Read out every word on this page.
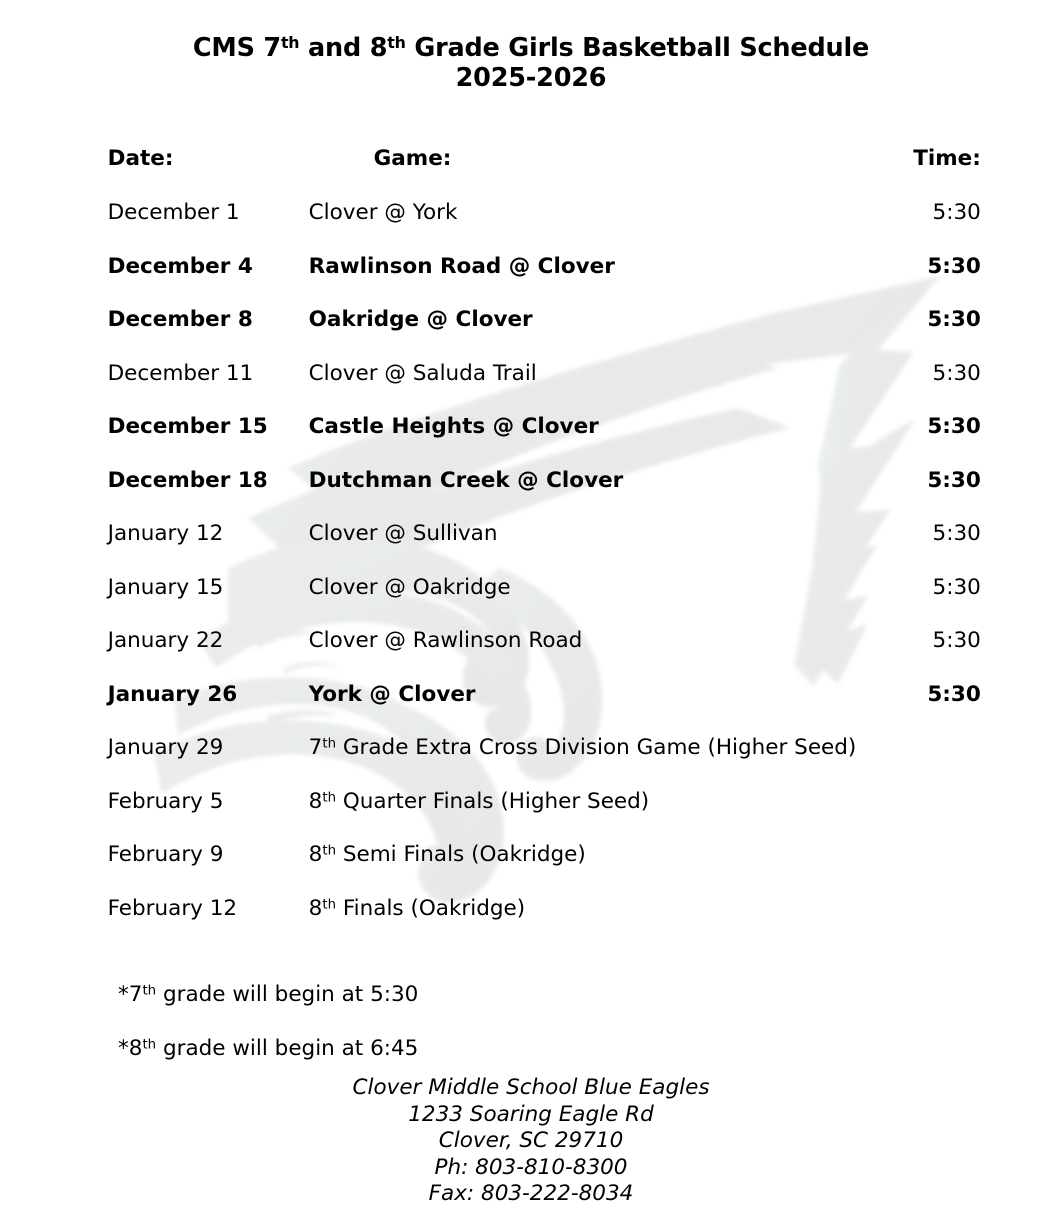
CMS 7th and 8th Grade Girls Basketball Schedule
2025-2026
	Date:	Game:	Time:	

	December 1	Clover @ York	5:30	
	December 4	Rawlinson Road @ Clover	5:30	
	December 8	Oakridge @ Clover	5:30	
	December 11	Clover @ Saluda Trail	5:30	
	December 15	Castle Heights @ Clover	5:30	
	December 18	Dutchman Creek @ Clover	5:30	
	January 12	Clover @ Sullivan	5:30	
	January 15	Clover @ Oakridge	5:30	
	January 22	Clover @ Rawlinson Road	5:30	
	January 26	York @ Clover	5:30	
	January 29	7th Grade Extra Cross Division Game (Higher Seed)		
	February 5	8th Quarter Finals (Higher Seed)		
	February 9	8th Semi Finals (Oakridge)		
	February 12	8th Finals (Oakridge)		
*7th grade will begin at 5:30
*8th grade will begin at 6:45
Clover Middle School Blue Eagles
1233 Soaring Eagle Rd
Clover, SC 29710
Ph: 803-810-8300
Fax: 803-222-8034
